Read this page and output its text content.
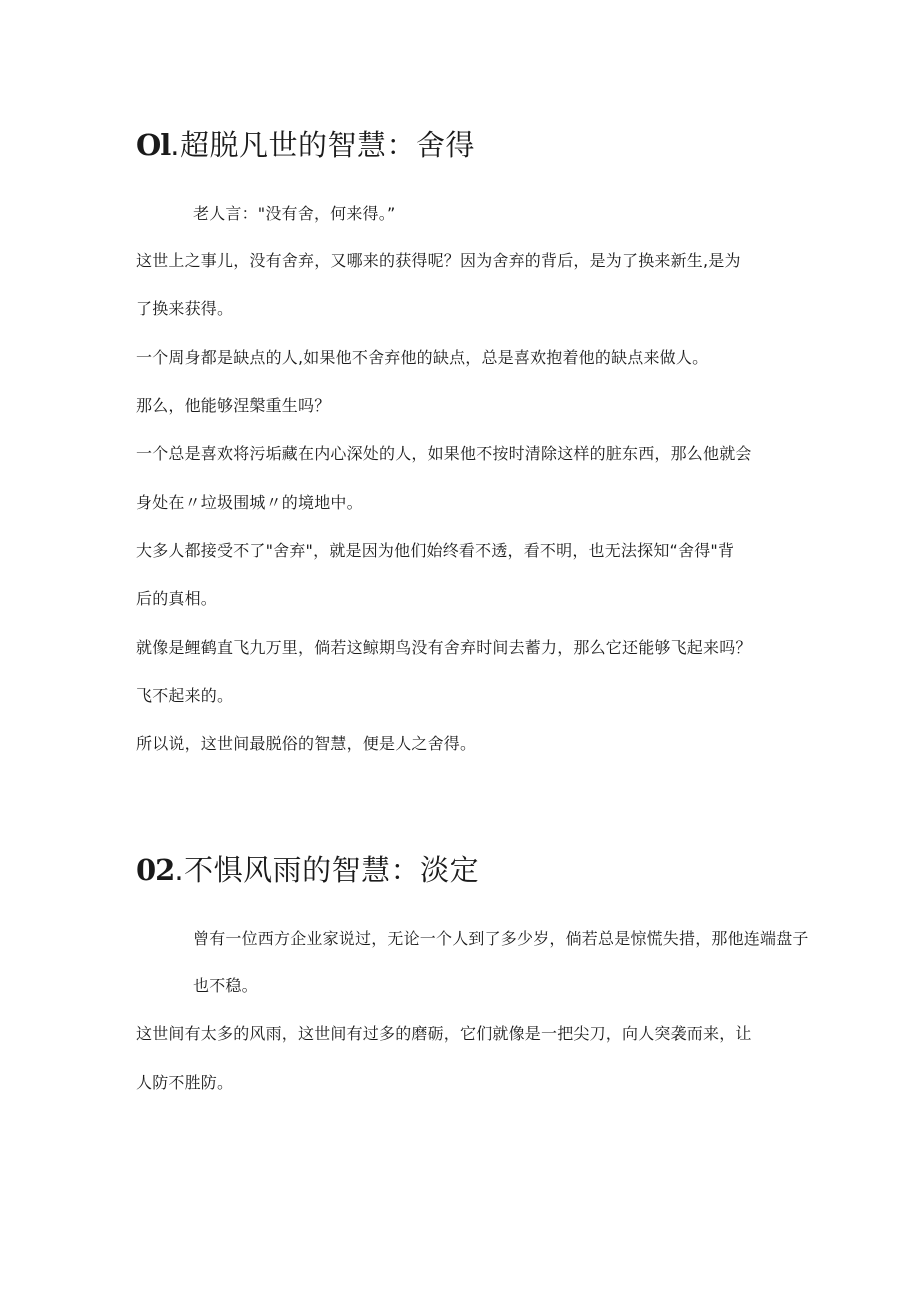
Ol.超脱凡世的智慧：舍得
老人言："没有舍，何来得。”
这世上之事儿，没有舍弃，又哪来的获得呢？因为舍弃的背后，是为了换来新生,是为
了换来获得。
一个周身都是缺点的人,如果他不舍弃他的缺点，总是喜欢抱着他的缺点来做人。
那么，他能够涅槃重生吗？
一个总是喜欢将污垢藏在内心深处的人，如果他不按时清除这样的脏东西，那么他就会
身处在〃垃圾围城〃的境地中。
大多人都接受不了"舍弃"，就是因为他们始终看不透，看不明，也无法探知“舍得"背
后的真相。
就像是鲤鹤直飞九万里，倘若这鲸期鸟没有舍弃时间去蓄力，那么它还能够飞起来吗？
飞不起来的。
所以说，这世间最脱俗的智慧，便是人之舍得。
02.不惧风雨的智慧：淡定
曾有一位西方企业家说过，无论一个人到了多少岁，倘若总是惊慌失措，那他连端盘子
也不稳。
这世间有太多的风雨，这世间有过多的磨砺，它们就像是一把尖刀，向人突袭而来，让
人防不胜防。
